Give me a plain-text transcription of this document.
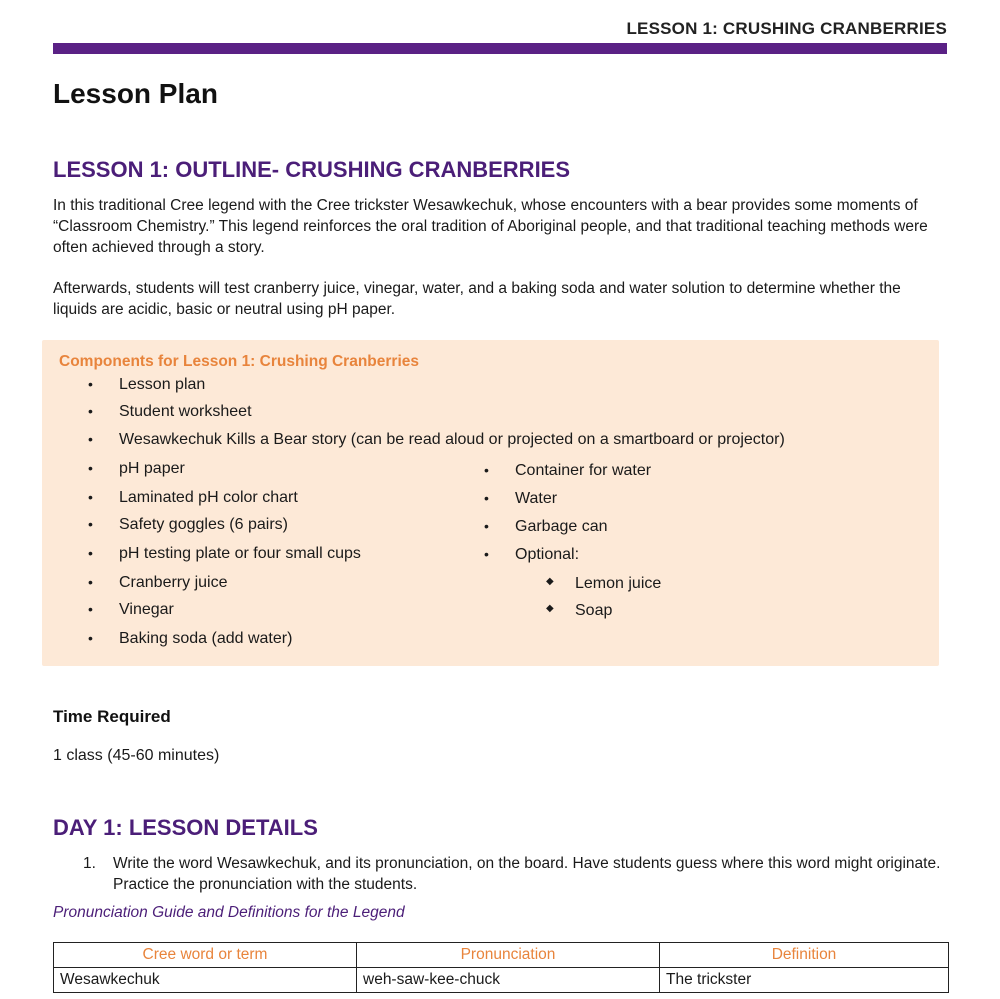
LESSON 1: CRUSHING CRANBERRIES
Lesson Plan
LESSON 1: OUTLINE- CRUSHING CRANBERRIES

In this traditional Cree legend with the Cree trickster Wesawkechuk, whose encounters with a bear provides some moments of “Classroom Chemistry.” This legend reinforces the oral tradition of Aboriginal people, and that traditional teaching methods were often achieved through a story.

Afterwards, students will test cranberry juice, vinegar, water, and a baking soda and water solution to determine whether the liquids are acidic, basic or neutral using pH paper.

Components for Lesson 1: Crushing Cranberries
• Lesson plan
• Student worksheet
• Wesawkechuk Kills a Bear story (can be read aloud or projected on a smartboard or projector)
• pH paper
• Laminated pH color chart
• Safety goggles (6 pairs)
• pH testing plate or four small cups
• Cranberry juice
• Vinegar
• Baking soda (add water)
• Container for water
• Water
• Garbage can
• Optional:
◆ Lemon juice
◆ Soap
Time Required
1 class (45-60 minutes)
DAY 1: LESSON DETAILS
1. Write the word Wesawkechuk, and its pronunciation, on the board. Have students guess where this word might originate. Practice the pronunciation with the students.
Pronunciation Guide and Definitions for the Legend
Cree word or term	Pronunciation	Definition
Wesawkechuk	weh-saw-kee-chuck	The trickster
